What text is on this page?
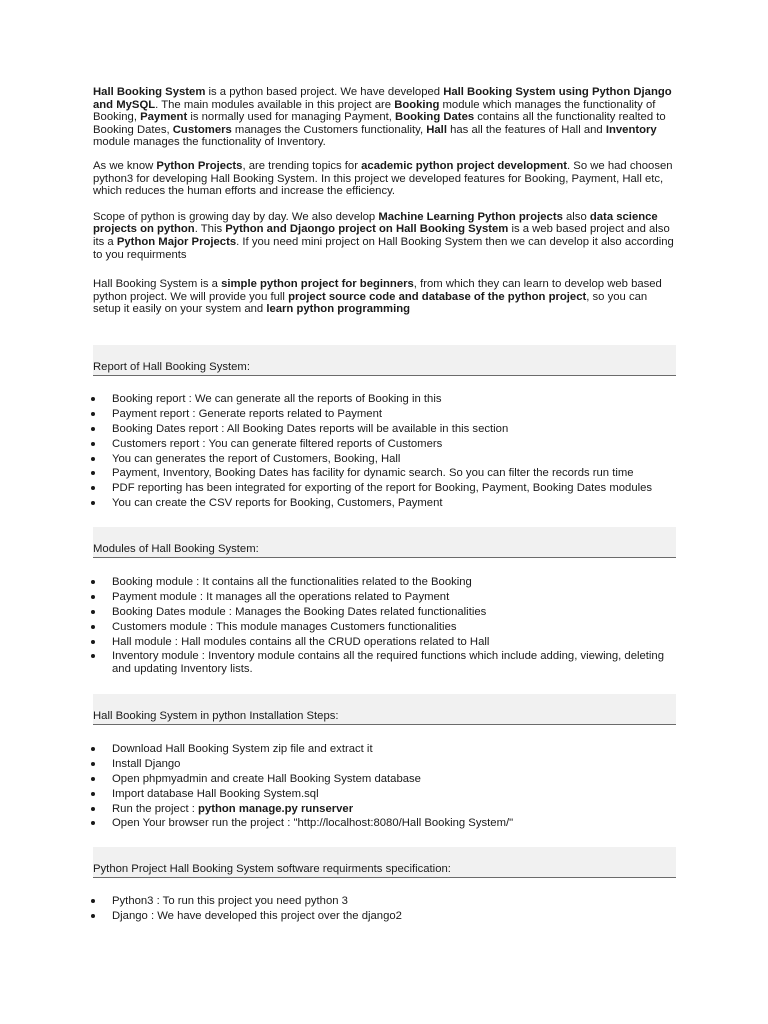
Hall Booking System is a python based project. We have developed Hall Booking System using Python Django and MySQL. The main modules available in this project are Booking module which manages the functionality of Booking, Payment is normally used for managing Payment, Booking Dates contains all the functionality realted to Booking Dates, Customers manages the Customers functionality, Hall has all the features of Hall and Inventory module manages the functionality of Inventory.

As we know Python Projects, are trending topics for academic python project development. So we had choosen python3 for developing Hall Booking System. In this project we developed features for Booking, Payment, Hall etc, which reduces the human efforts and increase the efficiency.

Scope of python is growing day by day. We also develop Machine Learning Python projects also data science projects on python. This Python and Djaongo project on Hall Booking System is a web based project and also its a Python Major Projects. If you need mini project on Hall Booking System then we can develop it also according to you requirments

Hall Booking System is a simple python project for beginners, from which they can learn to develop web based python project. We will provide you full project source code and database of the python project, so you can setup it easily on your system and learn python programming

Report of Hall Booking System:
Booking report : We can generate all the reports of Booking in this
Payment report : Generate reports related to Payment
Booking Dates report : All Booking Dates reports will be available in this section
Customers report : You can generate filtered reports of Customers
You can generates the report of Customers, Booking, Hall
Payment, Inventory, Booking Dates has facility for dynamic search. So you can filter the records run time
PDF reporting has been integrated for exporting of the report for Booking, Payment, Booking Dates modules
You can create the CSV reports for Booking, Customers, Payment
Modules of Hall Booking System:
Booking module : It contains all the functionalities related to the Booking
Payment module : It manages all the operations related to Payment
Booking Dates module : Manages the Booking Dates related functionalities
Customers module : This module manages Customers functionalities
Hall module : Hall modules contains all the CRUD operations related to Hall
Inventory module : Inventory module contains all the required functions which include adding, viewing, deleting and updating Inventory lists.
Hall Booking System in python Installation Steps:
Download Hall Booking System zip file and extract it
Install Django
Open phpmyadmin and create Hall Booking System database
Import database Hall Booking System.sql
Run the project : python manage.py runserver
Open Your browser run the project : "http://localhost:8080/Hall Booking System/"
Python Project Hall Booking System software requirments specification:
Python3 : To run this project you need python 3
Django : We have developed this project over the django2
